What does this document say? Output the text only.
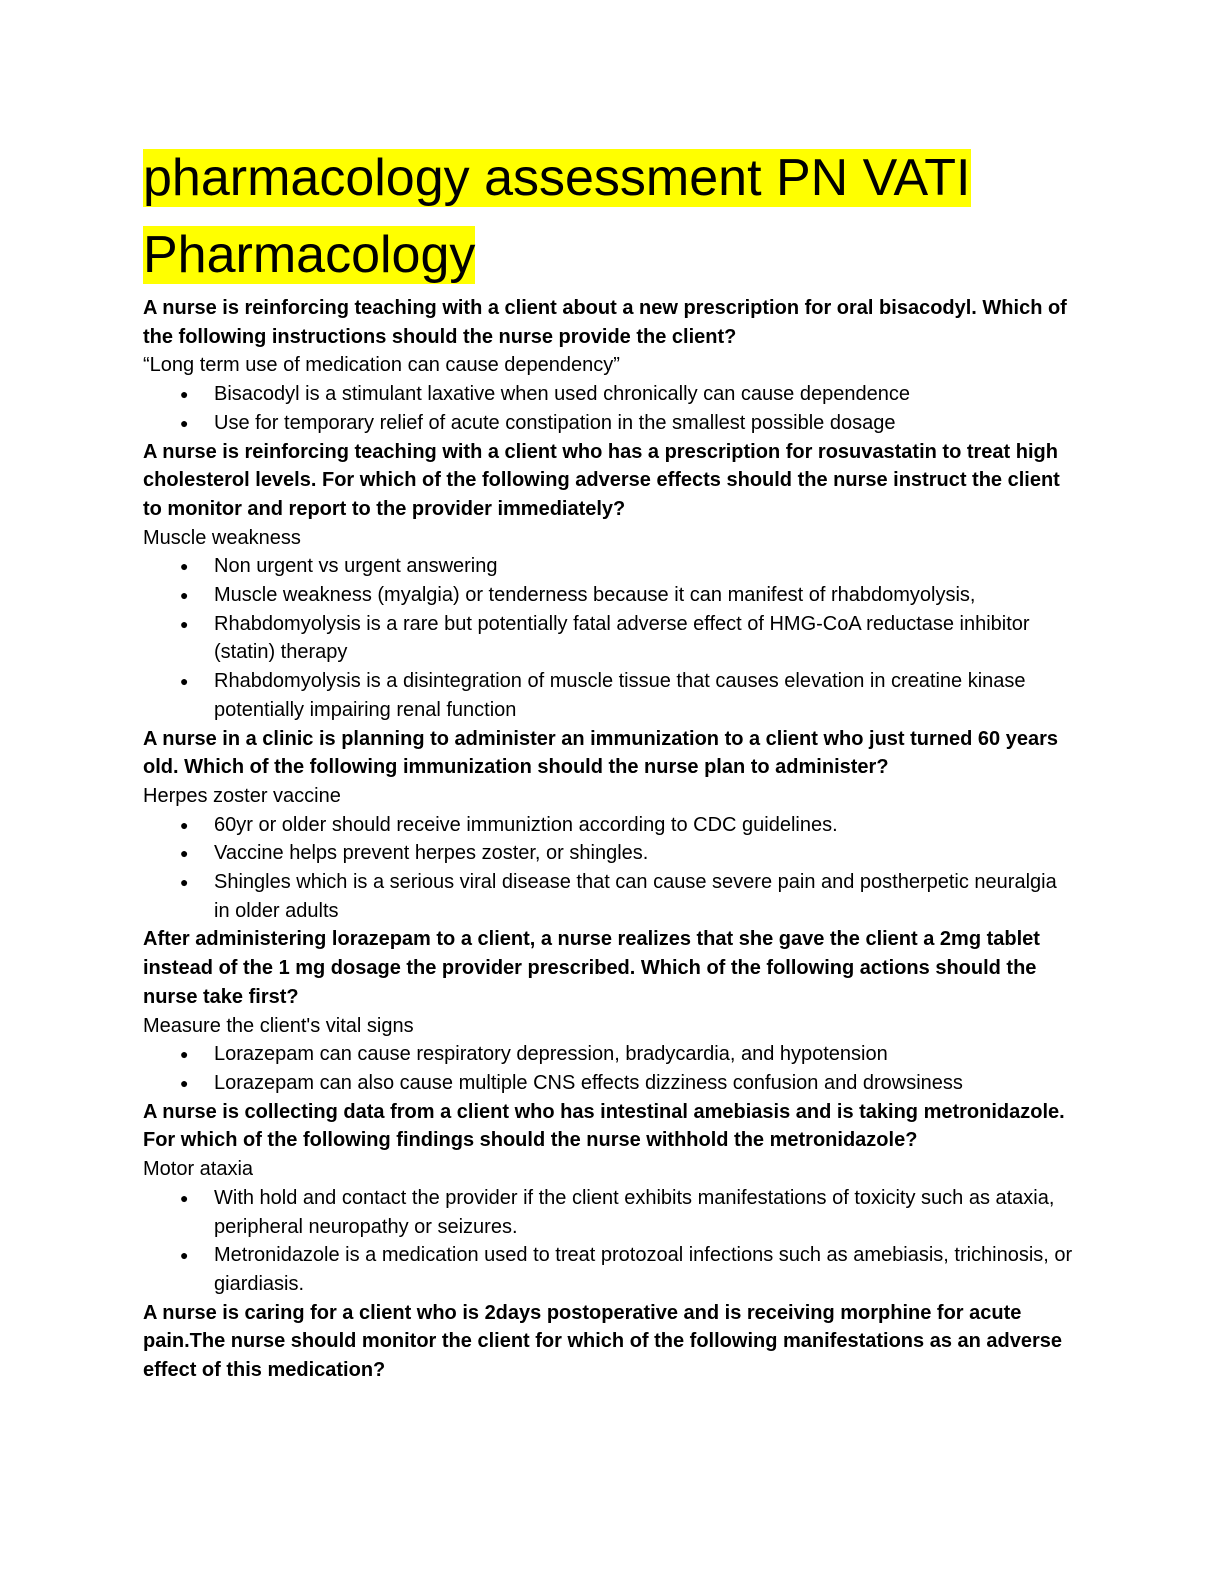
pharmacology assessment PN VATI
Pharmacology

A nurse is reinforcing teaching with a client about a new prescription for oral bisacodyl. Which of the following instructions should the nurse provide the client?

“Long term use of medication can cause dependency”

● Bisacodyl is a stimulant laxative when used chronically can cause dependence
● Use for temporary relief of acute constipation in the smallest possible dosage

A nurse is reinforcing teaching with a client who has a prescription for rosuvastatin to treat high cholesterol levels. For which of the following adverse effects should the nurse instruct the client to monitor and report to the provider immediately?

Muscle weakness

● Non urgent vs urgent answering
● Muscle weakness (myalgia) or tenderness because it can manifest of rhabdomyolysis,
● Rhabdomyolysis is a rare but potentially fatal adverse effect of HMG-CoA reductase inhibitor (statin) therapy
● Rhabdomyolysis is a disintegration of muscle tissue that causes elevation in creatine kinase potentially impairing renal function

A nurse in a clinic is planning to administer an immunization to a client who just turned 60 years old. Which of the following immunization should the nurse plan to administer?

Herpes zoster vaccine

● 60yr or older should receive immuniztion according to CDC guidelines.
● Vaccine helps prevent herpes zoster, or shingles.
● Shingles which is a serious viral disease that can cause severe pain and postherpetic neuralgia in older adults

After administering lorazepam to a client, a nurse realizes that she gave the client a 2mg tablet instead of the 1 mg dosage the provider prescribed. Which of the following actions should the nurse take first?

Measure the client's vital signs

● Lorazepam can cause respiratory depression, bradycardia, and hypotension
● Lorazepam can also cause multiple CNS effects dizziness confusion and drowsiness

A nurse is collecting data from a client who has intestinal amebiasis and is taking metronidazole. For which of the following findings should the nurse withhold the metronidazole?

Motor ataxia

● With hold and contact the provider if the client exhibits manifestations of toxicity such as ataxia, peripheral neuropathy or seizures.
● Metronidazole is a medication used to treat protozoal infections such as amebiasis, trichinosis, or giardiasis.

A nurse is caring for a client who is 2days postoperative and is receiving morphine for acute pain.The nurse should monitor the client for which of the following manifestations as an adverse effect of this medication?
